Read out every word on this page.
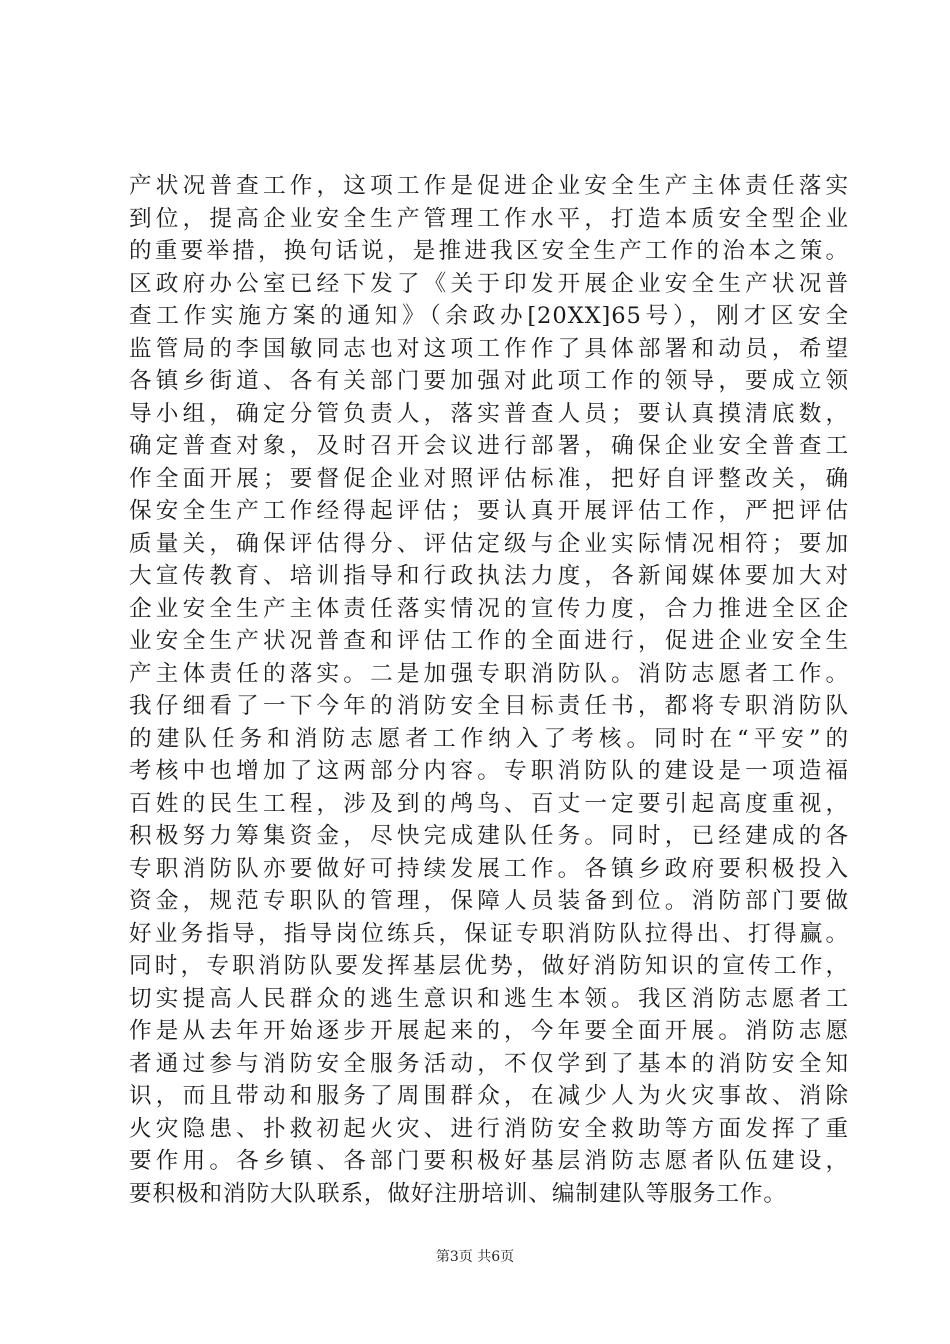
产状况普查工作，这项工作是促进企业安全生产主体责任落实
到位，提高企业安全生产管理工作水平，打造本质安全型企业
的重要举措，换句话说，是推进我区安全生产工作的治本之策。
区政府办公室已经下发了《关于印发开展企业安全生产状况普
查工作实施方案的通知》（余政办[20XX]65号），刚才区安全
监管局的李国敏同志也对这项工作作了具体部署和动员，希望
各镇乡街道、各有关部门要加强对此项工作的领导，要成立领
导小组，确定分管负责人，落实普查人员；要认真摸清底数，
确定普查对象，及时召开会议进行部署，确保企业安全普查工
作全面开展；要督促企业对照评估标准，把好自评整改关，确
保安全生产工作经得起评估；要认真开展评估工作，严把评估
质量关，确保评估得分、评估定级与企业实际情况相符；要加
大宣传教育、培训指导和行政执法力度，各新闻媒体要加大对
企业安全生产主体责任落实情况的宣传力度，合力推进全区企
业安全生产状况普查和评估工作的全面进行，促进企业安全生
产主体责任的落实。二是加强专职消防队。消防志愿者工作。
我仔细看了一下今年的消防安全目标责任书，都将专职消防队
的建队任务和消防志愿者工作纳入了考核。同时在“平安”的
考核中也增加了这两部分内容。专职消防队的建设是一项造福
百姓的民生工程，涉及到的鸬鸟、百丈一定要引起高度重视，
积极努力筹集资金，尽快完成建队任务。同时，已经建成的各
专职消防队亦要做好可持续发展工作。各镇乡政府要积极投入
资金，规范专职队的管理，保障人员装备到位。消防部门要做
好业务指导，指导岗位练兵，保证专职消防队拉得出、打得赢。
同时，专职消防队要发挥基层优势，做好消防知识的宣传工作，
切实提高人民群众的逃生意识和逃生本领。我区消防志愿者工
作是从去年开始逐步开展起来的，今年要全面开展。消防志愿
者通过参与消防安全服务活动，不仅学到了基本的消防安全知
识，而且带动和服务了周围群众，在减少人为火灾事故、消除
火灾隐患、扑救初起火灾、进行消防安全救助等方面发挥了重
要作用。各乡镇、各部门要积极好基层消防志愿者队伍建设，
要积极和消防大队联系，做好注册培训、编制建队等服务工作。
第3页 共6页
